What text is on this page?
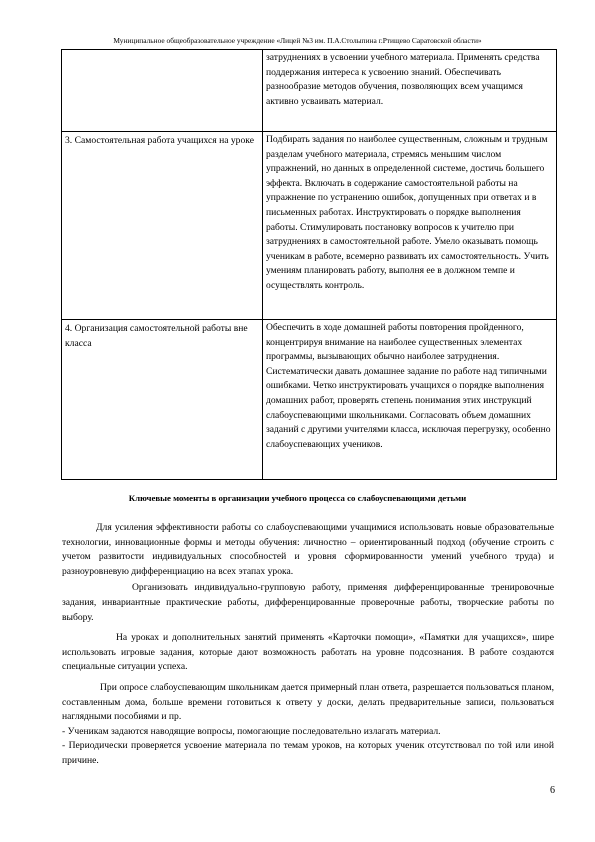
Муниципальное общеобразовательное учреждение «Лицей №3 им. П.А.Столыпина г.Ртищево Саратовской области»
	затруднениях в усвоении учебного материала. Применять средства поддержания интереса к усвоению знаний. Обеспечивать разнообразие методов обучения, позволяющих всем учащимся активно усваивать материал.
3. Самостоятельная работа учащихся на уроке	Подбирать задания по наиболее существенным, сложным и трудным разделам учебного материала, стремясь меньшим числом упражнений, но данных в определенной системе, достичь большего эффекта. Включать в содержание самостоятельной работы на упражнение по устранению ошибок, допущенных при ответах и в письменных работах. Инструктировать о порядке выполнения работы. Стимулировать постановку вопросов к учителю при затруднениях в самостоятельной работе. Умело оказывать помощь ученикам в работе, всемерно развивать их самостоятельность. Учить умениям планировать работу, выполня ее в должном темпе и осуществлять контроль.
4. Организация самостоятельной работы вне класса	Обеспечить в ходе домашней работы повторения пройденного, концентрируя внимание на наиболее существенных элементах программы, вызывающих обычно наиболее затруднения. Систематически давать домашнее задание по работе над типичными ошибками. Четко инструктировать учащихся о порядке выполнения домашних работ, проверять степень понимания этих инструкций слабоуспевающими школьниками. Согласовать объем домашних заданий с другими учителями класса, исключая перегрузку, особенно слабоуспевающих учеников.
Ключевые моменты в организации учебного процесса со слабоуспевающими детьми

Для усиления эффективности работы со слабоуспевающими учащимися использовать новые образовательные технологии, инновационные формы и методы обучения: личностно – ориентированный подход (обучение строить с учетом развитости индивидуальных способностей и уровня сформированности умений учебного труда) и разноуровневую дифференциацию на всех этапах урока.

Организовать индивидуально-групповую работу, применяя дифференцированные тренировочные задания, инвариантные практические работы, дифференцированные проверочные работы, творческие работы по выбору.

На уроках и дополнительных занятий применять «Карточки помощи», «Памятки для учащихся», шире использовать игровые задания, которые дают возможность работать на уровне подсознания. В работе создаются специальные ситуации успеха.

При опросе слабоуспевающим школьникам дается примерный план ответа, разрешается пользоваться планом, составленным дома, больше времени готовиться к ответу у доски, делать предварительные записи, пользоваться наглядными пособиями и пр.

- Ученикам задаются наводящие вопросы, помогающие последовательно излагать материал.

- Периодически проверяется усвоение материала по темам уроков, на которых ученик отсутствовал по той или иной причине.

6
